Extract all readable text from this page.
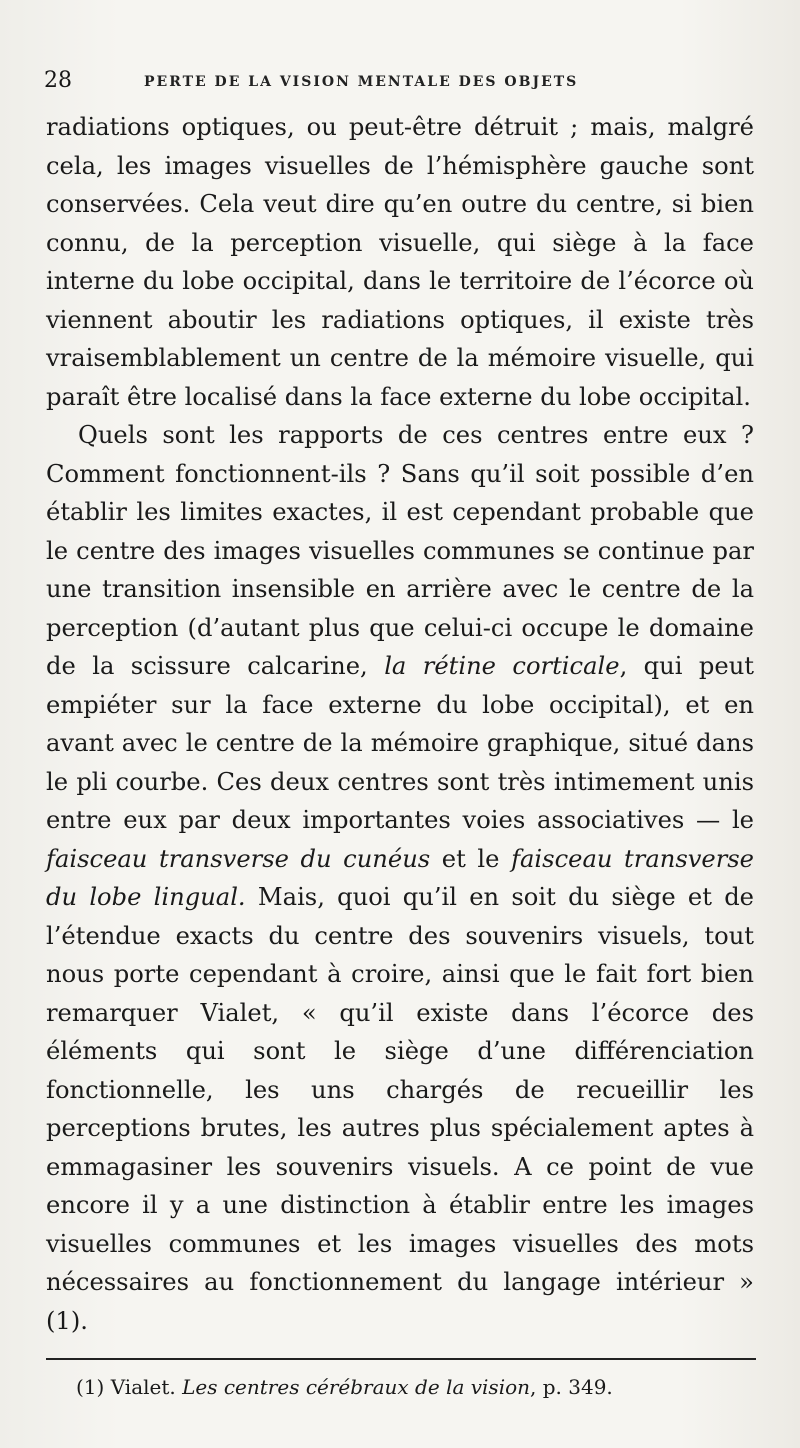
28	PERTE DE LA VISION MENTALE DES OBJETS

radiations optiques, ou peut-être détruit ; mais, malgré cela, les images visuelles de l’hémisphère gauche sont conservées. Cela veut dire qu’en outre du centre, si bien connu, de la perception visuelle, qui siège à la face interne du lobe occipital, dans le territoire de l’écorce où viennent aboutir les radiations optiques, il existe très vraisemblablement un centre de la mémoire visuelle, qui paraît être localisé dans la face externe du lobe occipital.

Quels sont les rapports de ces centres entre eux ? Comment fonctionnent-ils ? Sans qu’il soit possible d’en établir les limites exactes, il est cependant probable que le centre des images visuelles communes se continue par une transition insensible en arrière avec le centre de la perception (d’autant plus que celui-ci occupe le domaine de la scissure calcarine, la rétine corticale, qui peut empiéter sur la face externe du lobe occipital), et en avant avec le centre de la mémoire graphique, situé dans le pli courbe. Ces deux centres sont très intimement unis entre eux par deux importantes voies associatives — le faisceau transverse du cunéus et le faisceau transverse du lobe lingual. Mais, quoi qu’il en soit du siège et de l’étendue exacts du centre des souvenirs visuels, tout nous porte cependant à croire, ainsi que le fait fort bien remarquer Vialet, « qu’il existe dans l’écorce des éléments qui sont le siège d’une différenciation fonctionnelle, les uns chargés de recueillir les perceptions brutes, les autres plus spécialement aptes à emmagasiner les souvenirs visuels. A ce point de vue encore il y a une distinction à établir entre les images visuelles communes et les images visuelles des mots nécessaires au fonctionnement du langage intérieur » (1).

(1) Vialet. Les centres cérébraux de la vision, p. 349.
